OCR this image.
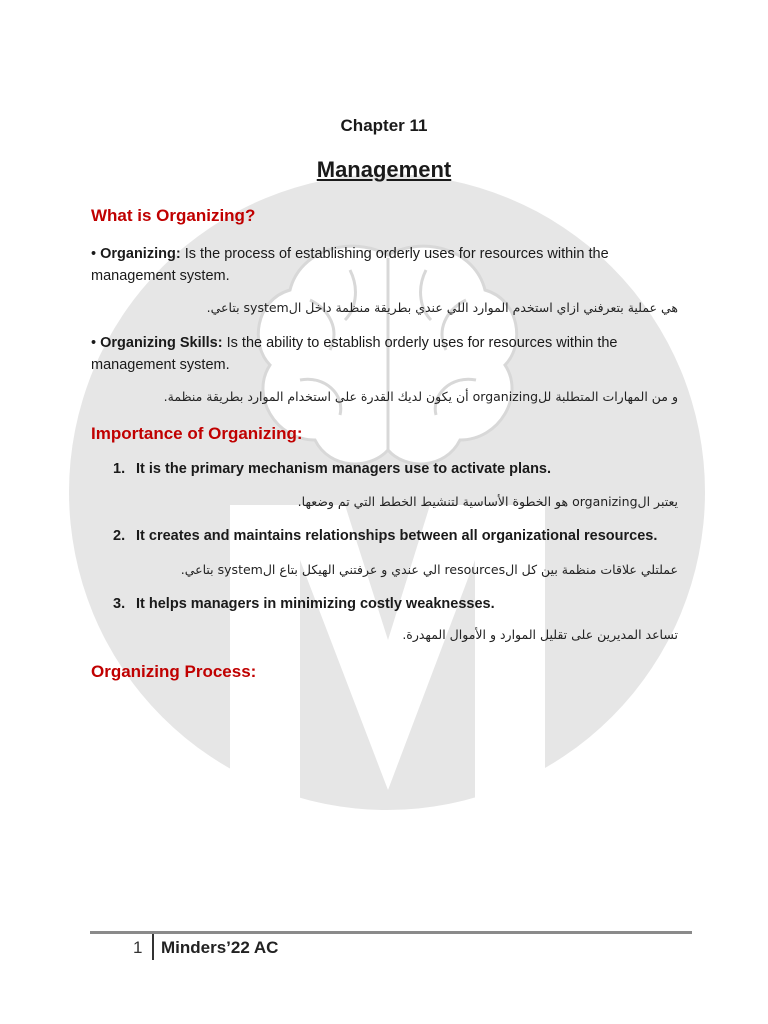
Chapter 11
Management
What is Organizing?
• Organizing: Is the process of establishing orderly uses for resources within the
management system.
هي عملية بتعرفني ازاي استخدم الموارد اللي عندي بطريقة منظمة داخل الsystem بتاعي.
• Organizing Skills: Is the ability to establish orderly uses for resources within the
management system.
و من المهارات المتطلبة للorganizing أن يكون لديك القدرة على استخدام الموارد بطريقة منظمة.
Importance of Organizing:
1. It is the primary mechanism managers use to activate plans.
يعتبر الorganizing هو الخطوة الأساسية لتنشيط الخطط التي تم وضعها.
2. It creates and maintains relationships between all organizational resources.
عملتلي علاقات منظمة بين كل الresources الي عندي و عرفتني الهيكل بتاع الsystem بتاعي.
3. It helps managers in minimizing costly weaknesses.
تساعد المديرين على تقليل الموارد و الأموال المهدرة.
Organizing Process:
1 Minders’22 AC
